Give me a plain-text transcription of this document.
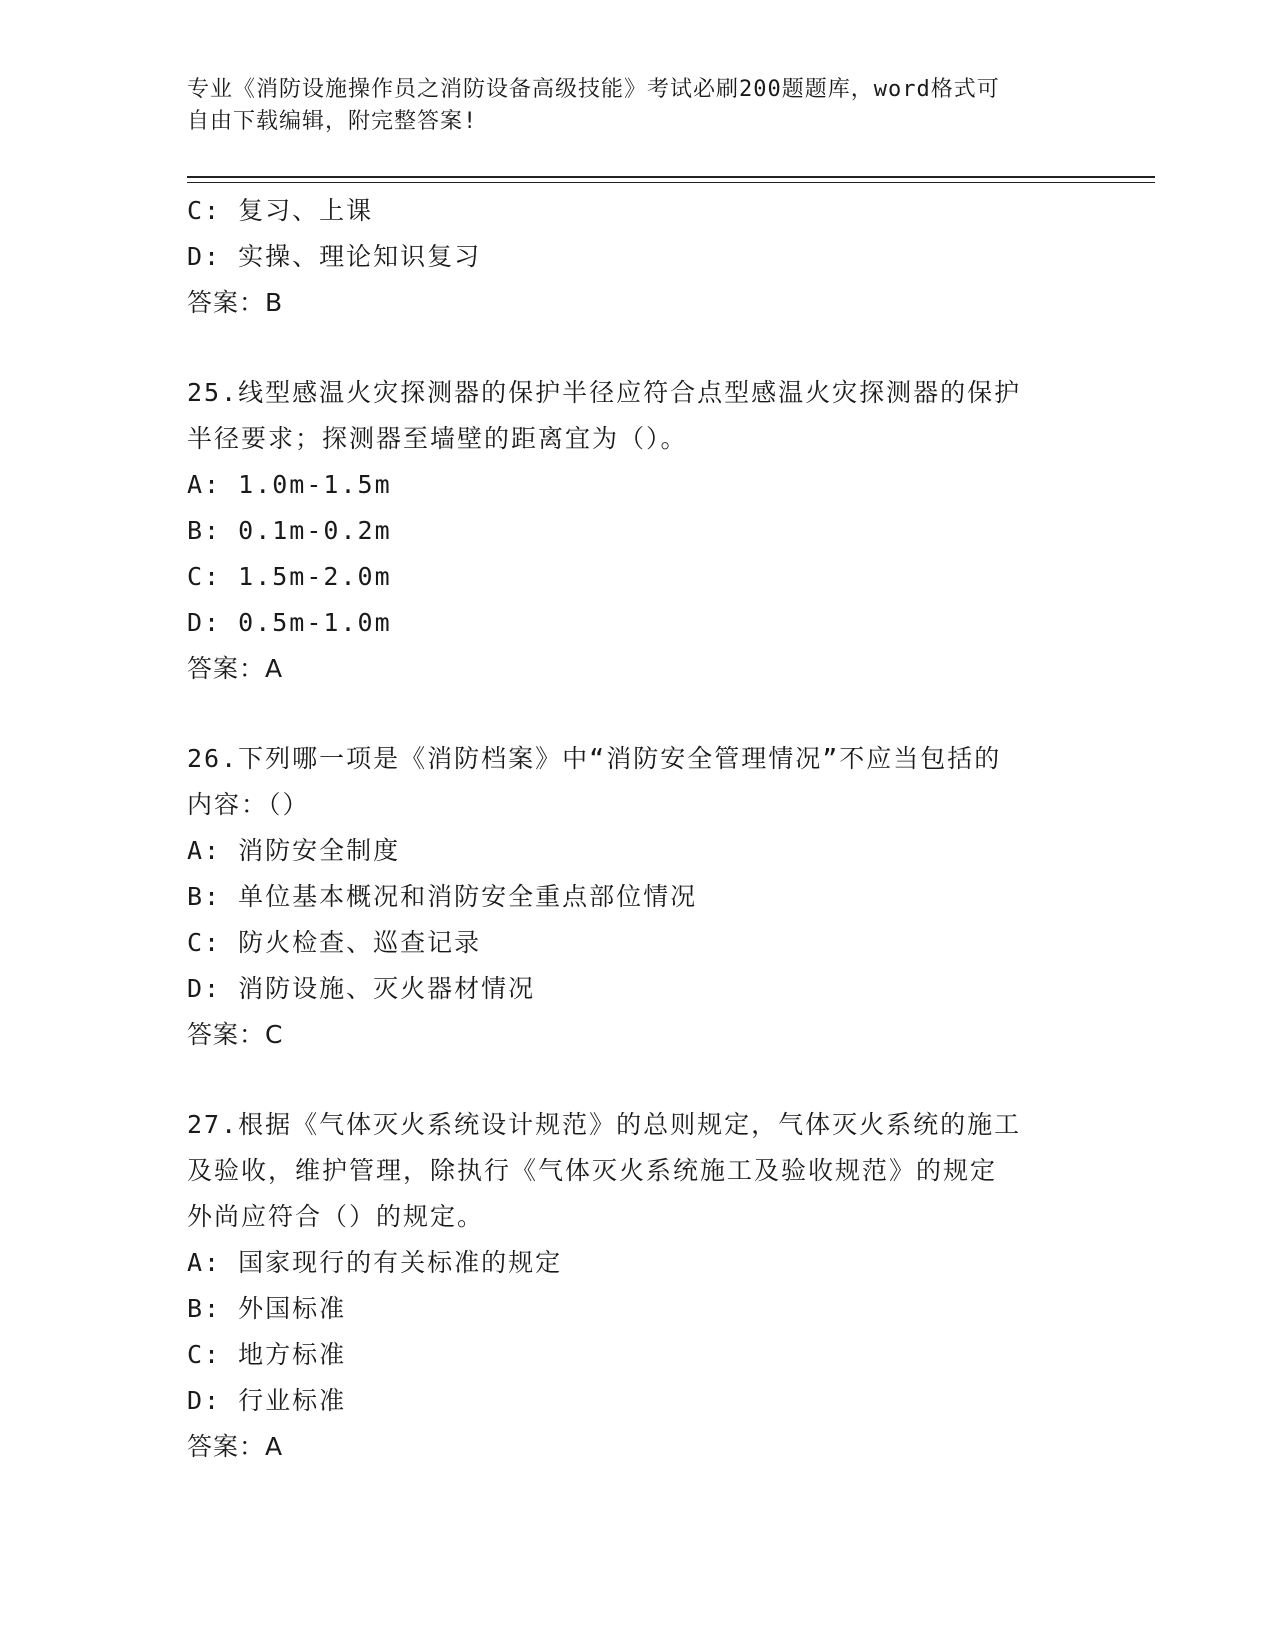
专业《消防设施操作员之消防设备高级技能》考试必刷200题题库，word格式可
自由下载编辑，附完整答案!
C: 复习、上课
D: 实操、理论知识复习
答案：B
25.线型感温火灾探测器的保护半径应符合点型感温火灾探测器的保护
半径要求；探测器至墙壁的距离宜为（）。
A: 1.0m-1.5m
B: 0.1m-0.2m
C: 1.5m-2.0m
D: 0.5m-1.0m
答案：A
26.下列哪一项是《消防档案》中“消防安全管理情况”不应当包括的
内容：（）
A: 消防安全制度
B: 单位基本概况和消防安全重点部位情况
C: 防火检查、巡查记录
D: 消防设施、灭火器材情况
答案：C
27.根据《气体灭火系统设计规范》的总则规定，气体灭火系统的施工
及验收，维护管理，除执行《气体灭火系统施工及验收规范》的规定
外尚应符合（）的规定。
A: 国家现行的有关标准的规定
B: 外国标准
C: 地方标准
D: 行业标准
答案：A
